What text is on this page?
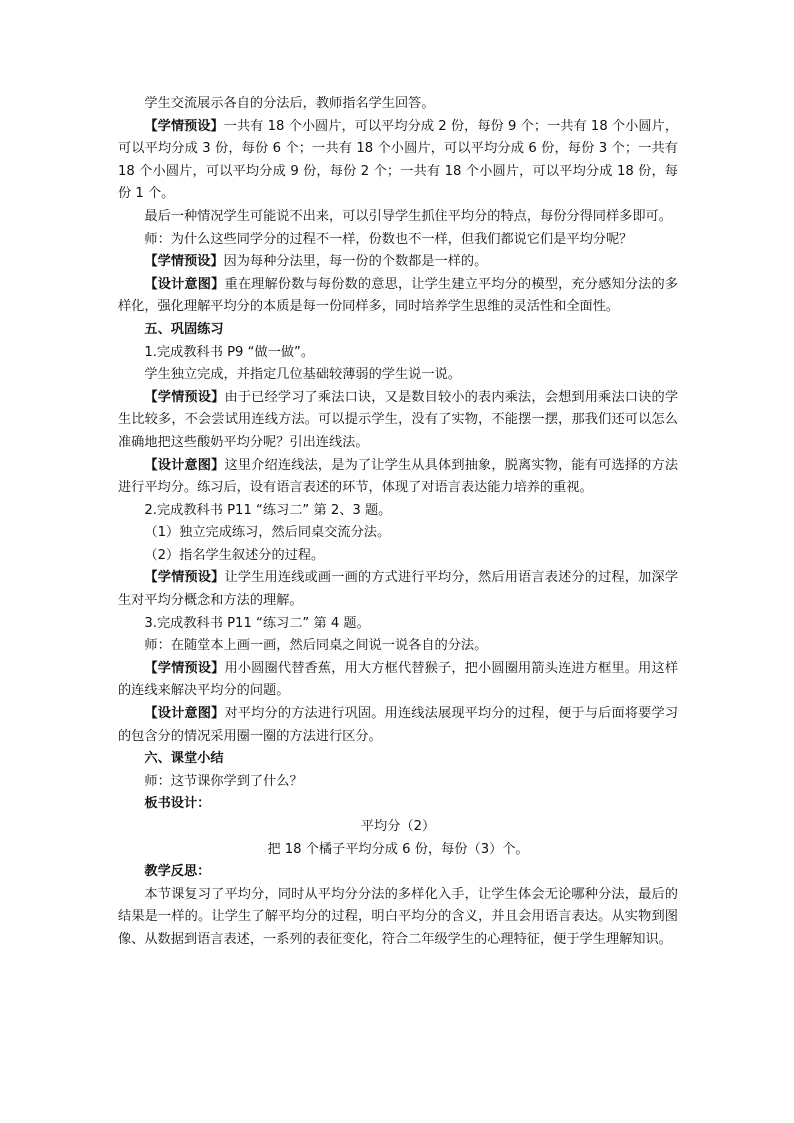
学生交流展示各自的分法后，教师指名学生回答。

【学情预设】一共有 18 个小圆片，可以平均分成 2 份，每份 9 个；一共有 18 个小圆片，可以平均分成 3 份，每份 6 个；一共有 18 个小圆片，可以平均分成 6 份，每份 3 个；一共有 18 个小圆片，可以平均分成 9 份，每份 2 个；一共有 18 个小圆片，可以平均分成 18 份，每份 1 个。

最后一种情况学生可能说不出来，可以引导学生抓住平均分的特点，每份分得同样多即可。

师：为什么这些同学分的过程不一样，份数也不一样，但我们都说它们是平均分呢？

【学情预设】因为每种分法里，每一份的个数都是一样的。

【设计意图】重在理解份数与每份数的意思，让学生建立平均分的模型，充分感知分法的多样化，强化理解平均分的本质是每一份同样多，同时培养学生思维的灵活性和全面性。

五、巩固练习

1.完成教科书 P9 “做一做”。

学生独立完成，并指定几位基础较薄弱的学生说一说。

【学情预设】由于已经学习了乘法口诀，又是数目较小的表内乘法，会想到用乘法口诀的学生比较多，不会尝试用连线方法。可以提示学生，没有了实物，不能摆一摆，那我们还可以怎么准确地把这些酸奶平均分呢？引出连线法。

【设计意图】这里介绍连线法，是为了让学生从具体到抽象，脱离实物，能有可选择的方法进行平均分。练习后，设有语言表述的环节，体现了对语言表达能力培养的重视。

2.完成教科书 P11 “练习二” 第 2、3 题。

（1）独立完成练习，然后同桌交流分法。

（2）指名学生叙述分的过程。

【学情预设】让学生用连线或画一画的方式进行平均分，然后用语言表述分的过程，加深学生对平均分概念和方法的理解。

3.完成教科书 P11 “练习二” 第 4 题。

师：在随堂本上画一画，然后同桌之间说一说各自的分法。

【学情预设】用小圆圈代替香蕉，用大方框代替猴子，把小圆圈用箭头连进方框里。用这样的连线来解决平均分的问题。

【设计意图】对平均分的方法进行巩固。用连线法展现平均分的过程，便于与后面将要学习的包含分的情况采用圈一圈的方法进行区分。

六、课堂小结

师：这节课你学到了什么？

板书设计：

平均分（2）

把 18 个橘子平均分成 6 份，每份（3）个。

教学反思：

本节课复习了平均分，同时从平均分分法的多样化入手，让学生体会无论哪种分法，最后的结果是一样的。让学生了解平均分的过程，明白平均分的含义，并且会用语言表达。从实物到图像、从数据到语言表述，一系列的表征变化，符合二年级学生的心理特征，便于学生理解知识。
